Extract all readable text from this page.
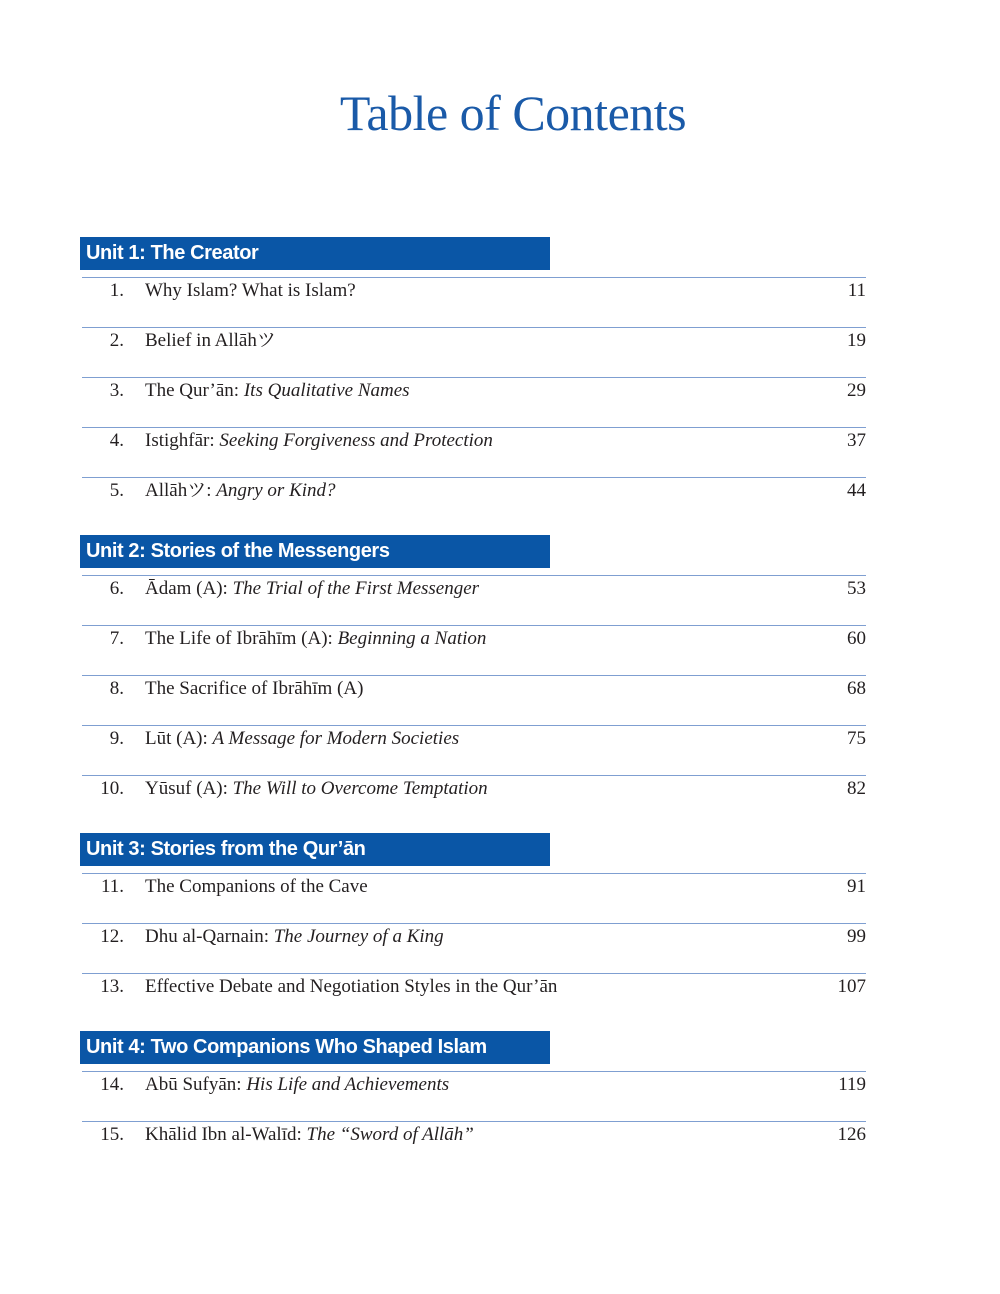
Table of Contents
Unit 1: The Creator
1. Why Islam? What is Islam?	11
2. Belief in Allāhツ	19
3. The Qur’ān: Its Qualitative Names	29
4. Istighfār: Seeking Forgiveness and Protection	37
5. Allāhツ: Angry or Kind?	44
Unit 2: Stories of the Messengers
6. Ādam (A): The Trial of the First Messenger	53
7. The Life of Ibrāhīm (A): Beginning a Nation	60
8. The Sacrifice of Ibrāhīm (A)	68
9. Lūt (A): A Message for Modern Societies	75
10. Yūsuf (A): The Will to Overcome Temptation	82
Unit 3: Stories from the Qur’ān
11. The Companions of the Cave	91
12. Dhu al-Qarnain: The Journey of a King	99
13. Effective Debate and Negotiation Styles in the Qur’ān	107
Unit 4: Two Companions Who Shaped Islam
14. Abū Sufyān: His Life and Achievements	119
15. Khālid Ibn al-Walīd: The “Sword of Allāh”	126
